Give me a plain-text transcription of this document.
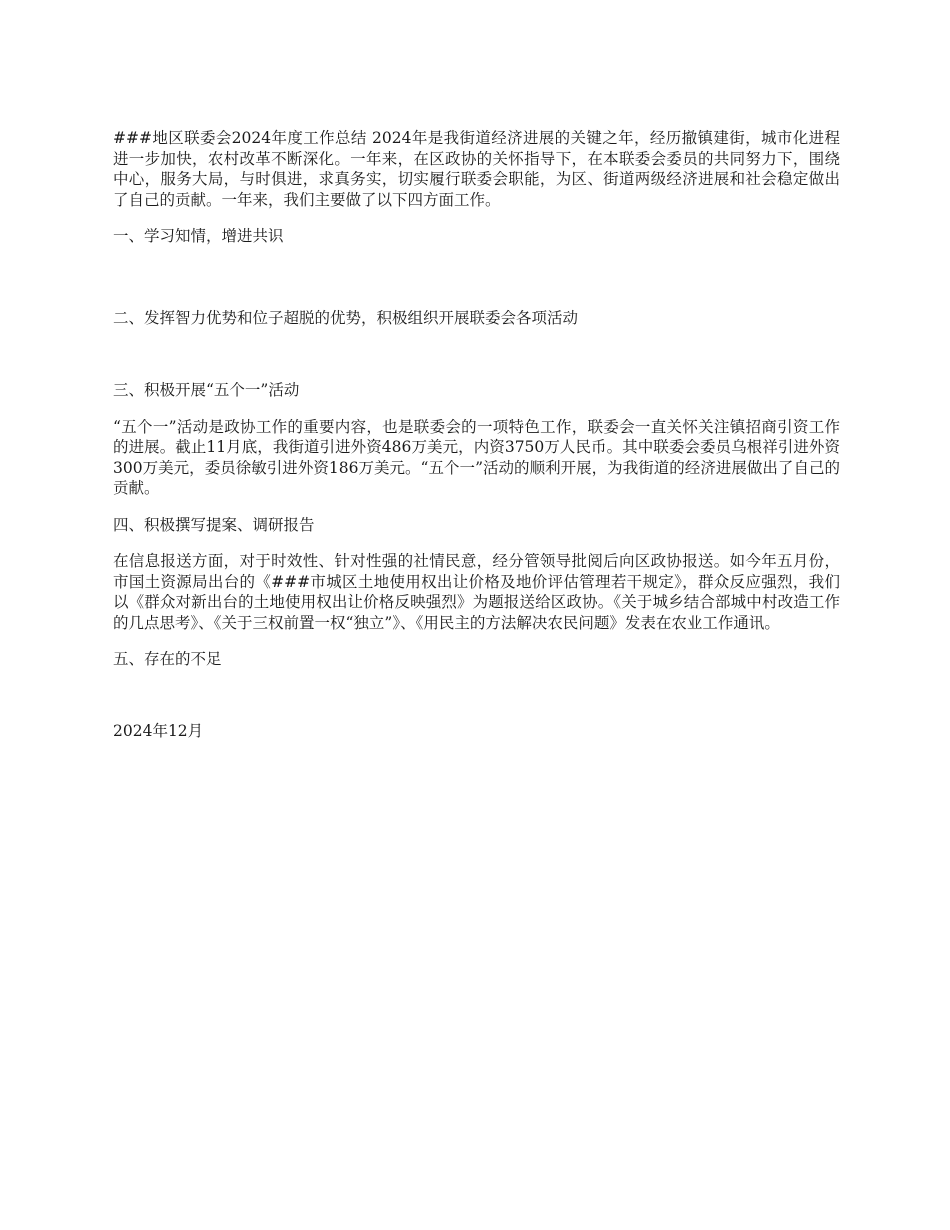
###地区联委会2024年度工作总结 2024年是我街道经济进展的关键之年，经历撤镇建街，城市化进程进一步加快，农村改革不断深化。一年来，在区政协的关怀指导下，在本联委会委员的共同努力下，围绕中心，服务大局，与时俱进，求真务实，切实履行联委会职能，为区、街道两级经济进展和社会稳定做出了自己的贡献。一年来，我们主要做了以下四方面工作。

一、学习知情，增进共识

二、发挥智力优势和位子超脱的优势，积极组织开展联委会各项活动

三、积极开展“五个一”活动

“五个一”活动是政协工作的重要内容，也是联委会的一项特色工作，联委会一直关怀关注镇招商引资工作的进展。截止11月底，我街道引进外资486万美元，内资3750万人民币。其中联委会委员乌根祥引进外资300万美元，委员徐敏引进外资186万美元。“五个一”活动的顺利开展，为我街道的经济进展做出了自己的贡献。

四、积极撰写提案、调研报告

在信息报送方面，对于时效性、针对性强的社情民意，经分管领导批阅后向区政协报送。如今年五月份，市国土资源局出台的《###市城区土地使用权出让价格及地价评估管理若干规定》，群众反应强烈，我们以《群众对新出台的土地使用权出让价格反映强烈》为题报送给区政协。《关于城乡结合部城中村改造工作的几点思考》、《关于三权前置一权“独立”》、《用民主的方法解决农民问题》发表在农业工作通讯。

五、存在的不足

2024年12月
